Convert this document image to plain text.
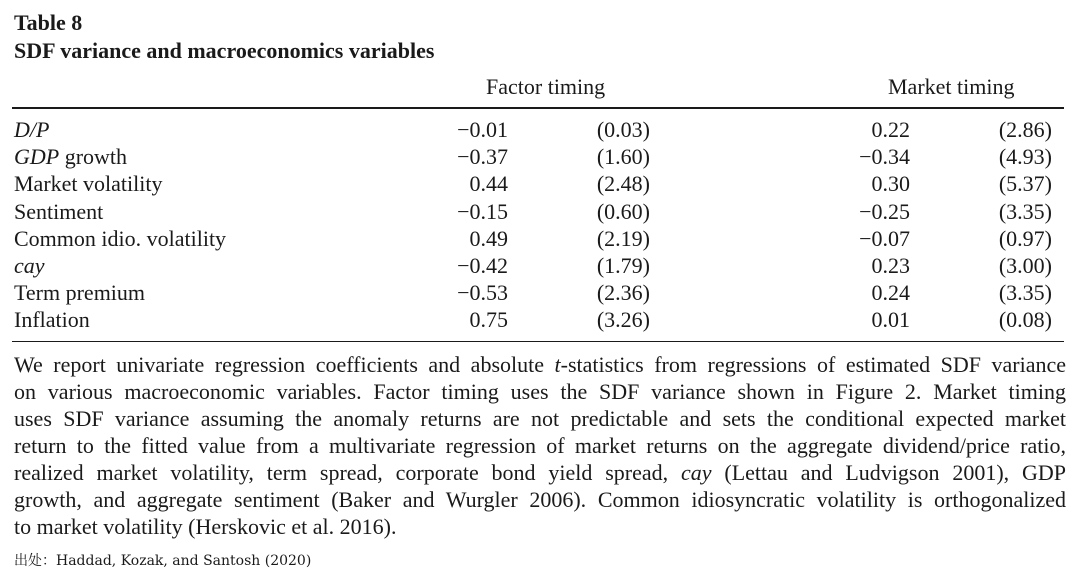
Table 8
SDF variance and macroeconomics variables
Factor timing	Market timing
D/P	−0.01	(0.03)	0.22	(2.86)
GDP growth	−0.37	(1.60)	−0.34	(4.93)
Market volatility	0.44	(2.48)	0.30	(5.37)
Sentiment	−0.15	(0.60)	−0.25	(3.35)
Common idio. volatility	0.49	(2.19)	−0.07	(0.97)
cay	−0.42	(1.79)	0.23	(3.00)
Term premium	−0.53	(2.36)	0.24	(3.35)
Inflation	0.75	(3.26)	0.01	(0.08)
We report univariate regression coefficients and absolute t-statistics from regressions of estimated SDF variance
on various macroeconomic variables. Factor timing uses the SDF variance shown in Figure 2. Market timing
uses SDF variance assuming the anomaly returns are not predictable and sets the conditional expected market
return to the fitted value from a multivariate regression of market returns on the aggregate dividend/price ratio,
realized market volatility, term spread, corporate bond yield spread, cay (Lettau and Ludvigson 2001), GDP
growth, and aggregate sentiment (Baker and Wurgler 2006). Common idiosyncratic volatility is orthogonalized
to market volatility (Herskovic et al. 2016).
出处：Haddad, Kozak, and Santosh (2020)
